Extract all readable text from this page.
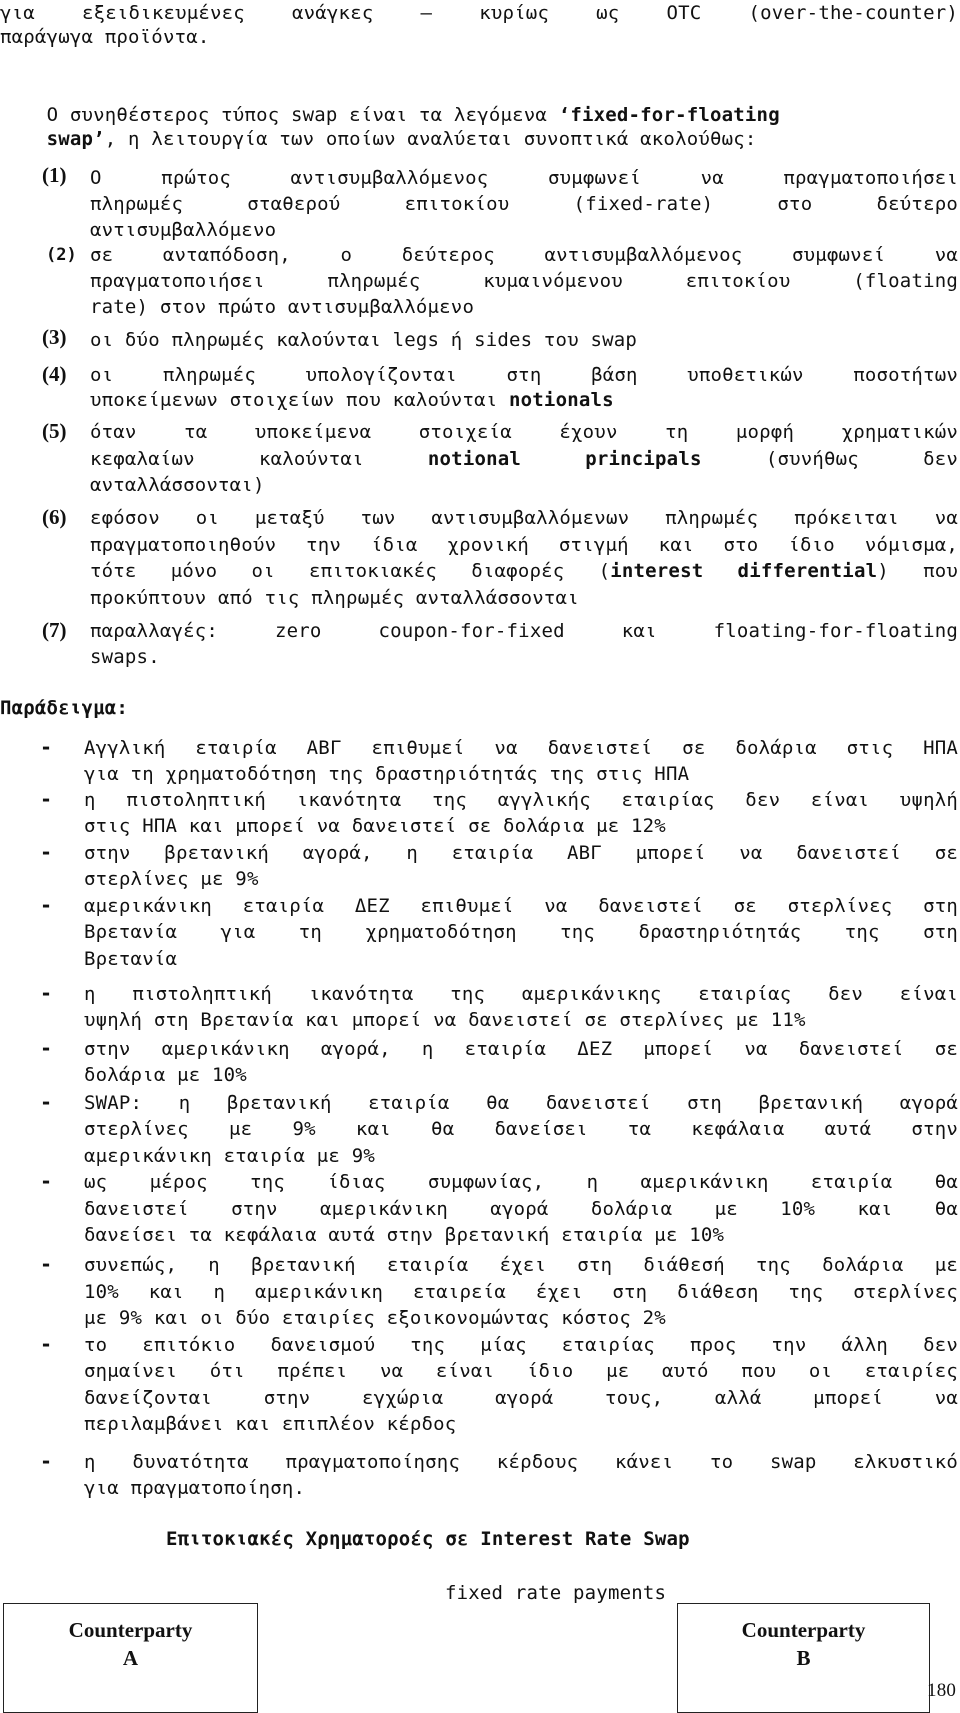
για εξειδικευμένες ανάγκες – κυρίως ως OTC (over-the-counter)
παράγωγα προϊόντα.

Ο συνηθέστερος τύπος swap είναι τα λεγόμενα ‘fixed-for-floating

swap’, η λειτουργία των οποίων αναλύεται συνοπτικά ακολούθως:

(1) Ο πρώτος αντισυμβαλλόμενος συμφωνεί να πραγματοποιήσει
πληρωμές σταθερού επιτοκίου (fixed-rate) στο δεύτερο
αντισυμβαλλόμενο
(2) σε ανταπόδοση, ο δεύτερος αντισυμβαλλόμενος συμφωνεί να
πραγματοποιήσει πληρωμές κυμαινόμενου επιτοκίου (floating
rate) στον πρώτο αντισυμβαλλόμενο
(3) οι δύο πληρωμές καλούνται legs ή sides του swap
(4) οι πληρωμές υπολογίζονται στη βάση υποθετικών ποσοτήτων
υποκείμενων στοιχείων που καλούνται notionals
(5) όταν τα υποκείμενα στοιχεία έχουν τη μορφή χρηματικών
κεφαλαίων καλούνται	notional principals	(συνήθως δεν
ανταλλάσσονται)
(6) εφόσον οι μεταξύ των αντισυμβαλλόμενων πληρωμές πρόκειται να
πραγματοποιηθούν την ίδια χρονική στιγμή και στο ίδιο νόμισμα,
τότε μόνο οι επιτοκιακές διαφορές (interest differential) που
προκύπτουν από τις πληρωμές ανταλλάσσονται
(7) παραλλαγές: zero coupon-for-fixed και floating-for-floating
swaps.
Παράδειγμα:
- Αγγλική εταιρία ΑΒΓ επιθυμεί να δανειστεί σε δολάρια στις ΗΠΑ
για τη χρηματοδότηση της δραστηριότητάς της στις ΗΠΑ
- η πιστοληπτική ικανότητα της αγγλικής εταιρίας δεν είναι υψηλή
στις ΗΠΑ και μπορεί να δανειστεί σε δολάρια με 12%
- στην βρετανική αγορά, η εταιρία ΑΒΓ μπορεί να δανειστεί σε
στερλίνες με 9%
- αμερικάνικη εταιρία ΔΕΖ επιθυμεί να δανειστεί σε στερλίνες στη
Βρετανία για τη χρηματοδότηση της δραστηριότητάς της στη
Βρετανία
- η πιστοληπτική ικανότητα της αμερικάνικης εταιρίας δεν είναι
υψηλή στη Βρετανία και μπορεί να δανειστεί σε στερλίνες με 11%
- στην αμερικάνικη αγορά, η εταιρία ΔΕΖ μπορεί να δανειστεί σε
δολάρια με 10%
- SWAP: η βρετανική εταιρία θα δανειστεί στη βρετανική αγορά
στερλίνες με 9% και θα δανείσει τα κεφάλαια αυτά στην
αμερικάνικη εταιρία με 9%
- ως μέρος της ίδιας συμφωνίας, η αμερικάνικη εταιρία θα
δανειστεί στην αμερικάνικη αγορά δολάρια με 10% και θα
δανείσει τα κεφάλαια αυτά στην βρετανική εταιρία με 10%
- συνεπώς, η βρετανική εταιρία έχει στη διάθεσή της δολάρια με
10% και η αμερικάνικη εταιρεία έχει στη διάθεση της στερλίνες
με 9% και οι δύο εταιρίες εξοικονομώντας κόστος 2%
- το επιτόκιο δανεισμού της μίας εταιρίας προς την άλλη δεν
σημαίνει ότι πρέπει να είναι ίδιο με αυτό που οι εταιρίες
δανείζονται στην εγχώρια αγορά τους, αλλά μπορεί να
περιλαμβάνει και επιπλέον κέρδος
- η δυνατότητα πραγματοποίησης κέρδους κάνει το swap ελκυστικό
για πραγματοποίηση.
Επιτοκιακές Χρηματοροές σε Interest Rate Swap
fixed rate payments
Counterparty
A
Counterparty
B
180
